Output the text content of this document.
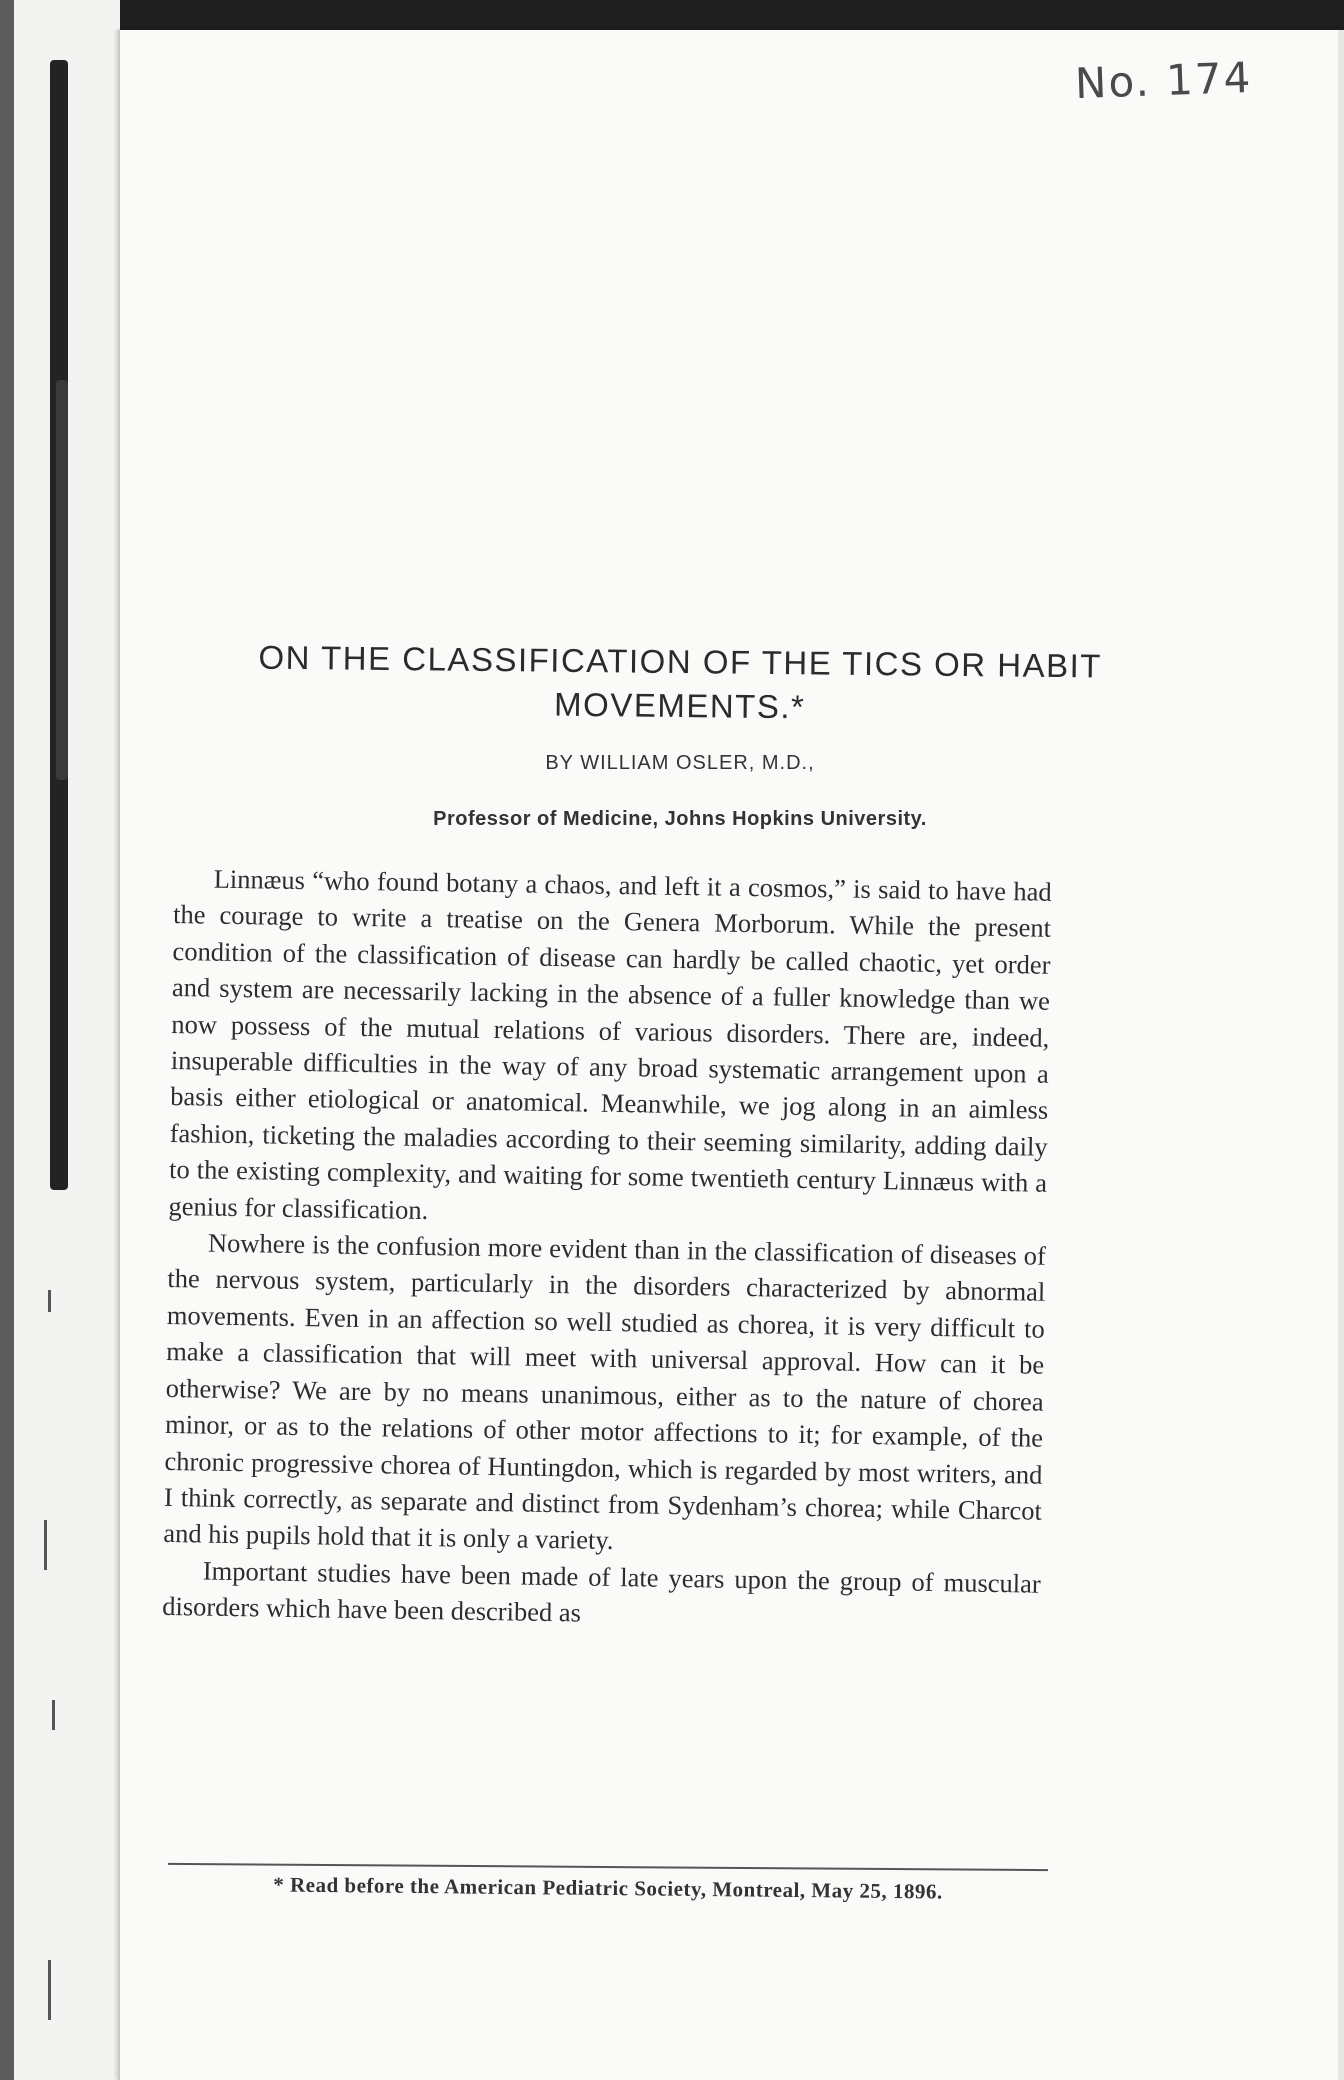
No. 174
ON THE CLASSIFICATION OF THE TICS OR HABIT MOVEMENTS.*
BY WILLIAM OSLER, M.D.,
Professor of Medicine, Johns Hopkins University.

Linnæus “who found botany a chaos, and left it a cosmos,” is said to have had the courage to write a treatise on the Genera Morborum. While the present condition of the classification of disease can hardly be called chaotic, yet order and system are necessarily lacking in the absence of a fuller knowledge than we now possess of the mutual relations of various disorders. There are, indeed, insuperable difficulties in the way of any broad systematic arrangement upon a basis either etiological or anatomical. Meanwhile, we jog along in an aimless fashion, ticketing the maladies according to their seeming similarity, adding daily to the existing complexity, and waiting for some twentieth century Linnæus with a genius for classification.

Nowhere is the confusion more evident than in the classification of diseases of the nervous system, particularly in the disorders characterized by abnormal movements. Even in an affection so well studied as chorea, it is very difficult to make a classification that will meet with universal approval. How can it be otherwise? We are by no means unanimous, either as to the nature of chorea minor, or as to the relations of other motor affections to it; for example, of the chronic progressive chorea of Huntingdon, which is regarded by most writers, and I think correctly, as separate and distinct from Sydenham’s chorea; while Charcot and his pupils hold that it is only a variety.

Important studies have been made of late years upon the group of muscular disorders which have been described as

* Read before the American Pediatric Society, Montreal, May 25, 1896.
